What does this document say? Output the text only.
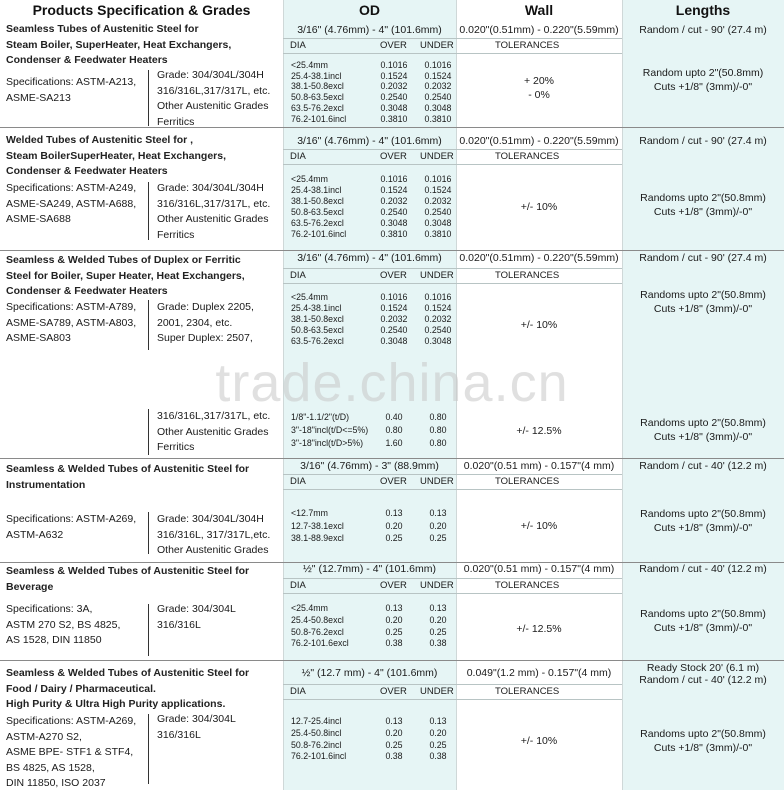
Products Specification & Grades	OD	Wall	Lengths
Seamless Tubes of Austenitic Steel for
Steam Boiler, SuperHeater, Heat Exchangers,
Condenser & Feedwater Heaters
Specifications: ASTM-A213,
ASME-SA213
Grade: 304/304L/304H
316/316L,317/317L, etc.
Other Austenitic Grades
Ferritics
3/16" (4.76mm) - 4" (101.6mm)	0.020"(0.51mm) - 0.220"(5.59mm)	Random / cut - 90' (27.4 m)
DIA	OVER UNDER	TOLERANCES
<25.4mm	0.1016	0.1016
25.4-38.1incl	0.1524	0.1524
38.1-50.8excl	0.2032	0.2032
50.8-63.5excl	0.2540	0.2540
63.5-76.2excl	0.3048	0.3048
76.2-101.6incl	0.3810	0.3810
+ 20%
- 0%
Random upto 2"(50.8mm)
Cuts +1/8" (3mm)/-0"
Welded Tubes of Austenitic Steel for ,
Steam BoilerSuperHeater, Heat Exchangers,
Condenser & Feedwater Heaters
Specifications: ASTM-A249,
ASME-SA249, ASTM-A688,
ASME-SA688
Grade: 304/304L/304H
316/316L,317/317L, etc.
Other Austenitic Grades
Ferritics
3/16" (4.76mm) - 4" (101.6mm)	0.020"(0.51mm) - 0.220"(5.59mm)	Random / cut - 90' (27.4 m)
DIA	OVER UNDER	TOLERANCES
<25.4mm	0.1016	0.1016
25.4-38.1incl	0.1524	0.1524
38.1-50.8excl	0.2032	0.2032
50.8-63.5excl	0.2540	0.2540
63.5-76.2excl	0.3048	0.3048
76.2-101.6incl	0.3810	0.3810
+/- 10%
Randoms upto 2"(50.8mm)
Cuts +1/8" (3mm)/-0"
Seamless & Welded Tubes of Duplex or Ferritic
Steel for Boiler, Super Heater, Heat Exchangers,
Condenser & Feedwater Heaters
Specifications: ASTM-A789,
ASME-SA789, ASTM-A803,
ASME-SA803
Grade: Duplex 2205,
2001, 2304, etc.
Super Duplex: 2507,
3/16" (4.76mm) - 4" (101.6mm)	0.020"(0.51mm) - 0.220"(5.59mm)	Random / cut - 90' (27.4 m)
DIA	OVER UNDER	TOLERANCES
<25.4mm	0.1016	0.1016
25.4-38.1incl	0.1524	0.1524
38.1-50.8excl	0.2032	0.2032
50.8-63.5excl	0.2540	0.2540
63.5-76.2excl	0.3048	0.3048
+/- 10%
Randoms upto 2"(50.8mm)
Cuts +1/8" (3mm)/-0"
316/316L,317/317L, etc.
Other Austenitic Grades
Ferritics
1/8"-1.1/2"(t/D)	0.40	0.80
3"-18"incl(t/D<=5%)	0.80	0.80
3"-18"incl(t/D>5%)	1.60	0.80
+/- 12.5%
Randoms upto 2"(50.8mm)
Cuts +1/8" (3mm)/-0"
Seamless & Welded Tubes of Austenitic Steel for
Instrumentation
Specifications: ASTM-A269,
ASTM-A632
Grade: 304/304L/304H
316/316L, 317/317L,etc.
Other Austenitic Grades
3/16" (4.76mm) - 3" (88.9mm)	0.020"(0.51 mm) - 0.157"(4 mm)	Random / cut - 40' (12.2 m)
DIA	OVER UNDER	TOLERANCES
<12.7mm	0.13	0.13
12.7-38.1excl	0.20	0.20
38.1-88.9excl	0.25	0.25
+/- 10%
Randoms upto 2"(50.8mm)
Cuts +1/8" (3mm)/-0"
Seamless & Welded Tubes of Austenitic Steel for
Beverage
Specifications: 3A,
ASTM 270 S2, BS 4825,
AS 1528, DIN 11850
Grade: 304/304L
316/316L
½" (12.7mm) - 4" (101.6mm)	0.020"(0.51 mm) - 0.157"(4 mm)	Random / cut - 40' (12.2 m)
DIA	OVER UNDER	TOLERANCES
<25.4mm	0.13	0.13
25.4-50.8excl	0.20	0.20
50.8-76.2excl	0.25	0.25
76.2-101.6excl	0.38	0.38
+/- 12.5%
Randoms upto 2"(50.8mm)
Cuts +1/8" (3mm)/-0"
Seamless & Welded Tubes of Austenitic Steel for
Food / Dairy / Pharmaceutical.
High Purity & Ultra High Purity applications.
Specifications: ASTM-A269,
ASTM-A270 S2,
ASME BPE- STF1 & STF4,
BS 4825, AS 1528,
DIN 11850, ISO 2037
Grade: 304/304L
316/316L
½" (12.7 mm) - 4" (101.6mm)	0.049"(1.2 mm) - 0.157"(4 mm)	Ready Stock 20' (6.1 m)
Random / cut - 40' (12.2 m)
DIA	OVER UNDER	TOLERANCES
12.7-25.4incl	0.13	0.13
25.4-50.8incl	0.20	0.20
50.8-76.2incl	0.25	0.25
76.2-101.6incl	0.38	0.38
+/- 10%
Randoms upto 2"(50.8mm)
Cuts +1/8" (3mm)/-0"
trade.china.cn
